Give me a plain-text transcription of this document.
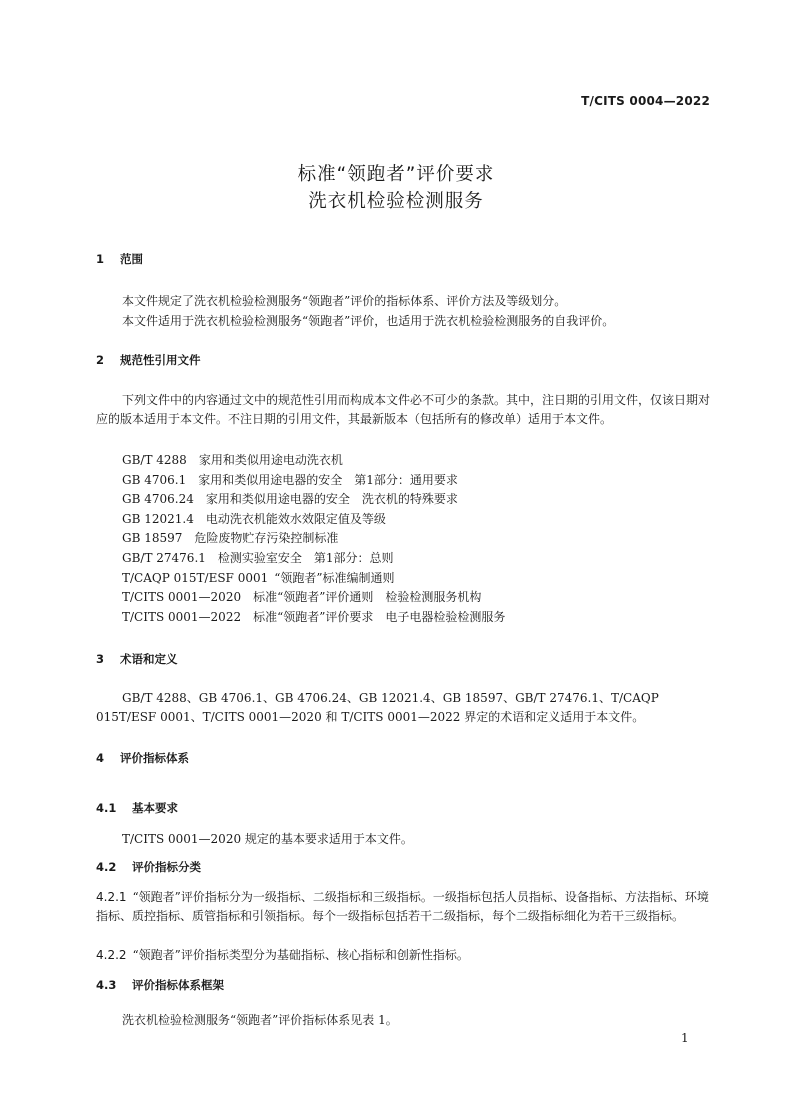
T/CITS 0004—2022
标准“领跑者”评价要求
洗衣机检验检测服务
1 范围
本文件规定了洗衣机检验检测服务“领跑者”评价的指标体系、评价方法及等级划分。
本文件适用于洗衣机检验检测服务“领跑者”评价，也适用于洗衣机检验检测服务的自我评价。
2 规范性引用文件
下列文件中的内容通过文中的规范性引用而构成本文件必不可少的条款。其中，注日期的引用文件，仅该日期对应的版本适用于本文件。不注日期的引用文件，其最新版本（包括所有的修改单）适用于本文件。
GB/T 4288  家用和类似用途电动洗衣机
GB 4706.1  家用和类似用途电器的安全　第1部分：通用要求
GB 4706.24  家用和类似用途电器的安全　洗衣机的特殊要求
GB 12021.4  电动洗衣机能效水效限定值及等级
GB 18597  危险废物贮存污染控制标准
GB/T 27476.1  检测实验室安全　第1部分：总则
T/CAQP 015T/ESF 0001  “领跑者”标准编制通则
T/CITS 0001—2020  标准“领跑者”评价通则　检验检测服务机构
T/CITS 0001—2022  标准“领跑者”评价要求　电子电器检验检测服务
3 术语和定义
GB/T 4288、GB 4706.1、GB 4706.24、GB 12021.4、GB 18597、GB/T 27476.1、T/CAQP 015T/ESF 0001、T/CITS 0001—2020 和 T/CITS 0001—2022 界定的术语和定义适用于本文件。
4 评价指标体系
4.1 基本要求
T/CITS 0001—2020 规定的基本要求适用于本文件。
4.2 评价指标分类
4.2.1  “领跑者”评价指标分为一级指标、二级指标和三级指标。一级指标包括人员指标、设备指标、方法指标、环境指标、质控指标、质管指标和引领指标。每个一级指标包括若干二级指标，每个二级指标细化为若干三级指标。
4.2.2  “领跑者”评价指标类型分为基础指标、核心指标和创新性指标。
4.3 评价指标体系框架
洗衣机检验检测服务“领跑者”评价指标体系见表 1。
1
